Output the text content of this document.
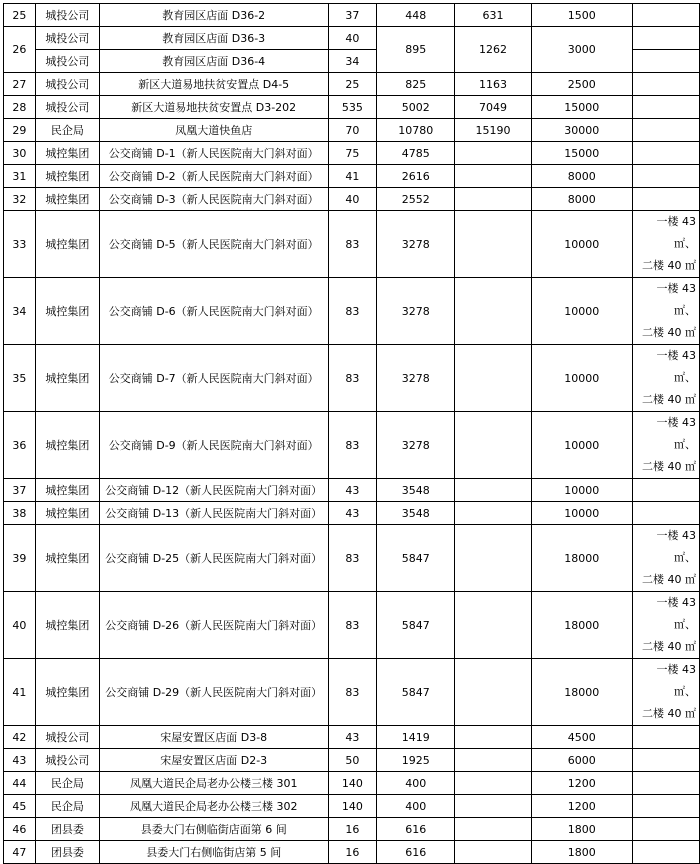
25	城投公司	教育园区店面 D36-2	37	448	631	1500	
26	城投公司	教育园区店面 D36-3	40	895	1262	3000	
	城投公司	教育园区店面 D36-4	34				
27	城投公司	新区大道易地扶贫安置点 D4-5	25	825	1163	2500	
28	城投公司	新区大道易地扶贫安置点 D3-202	535	5002	7049	15000	
29	民企局	凤凰大道快鱼店	70	10780	15190	30000	
30	城控集团	公交商铺 D-1（新人民医院南大门斜对面）	75	4785		15000	
31	城控集团	公交商铺 D-2（新人民医院南大门斜对面）	41	2616		8000	
32	城控集团	公交商铺 D-3（新人民医院南大门斜对面）	40	2552		8000	
33	城控集团	公交商铺 D-5（新人民医院南大门斜对面）	83	3278		10000	一楼 43 ㎡、
二楼 40 ㎡

34	城控集团	公交商铺 D-6（新人民医院南大门斜对面）	83	3278		10000	一楼 43 ㎡、
二楼 40 ㎡

35	城控集团	公交商铺 D-7（新人民医院南大门斜对面）	83	3278		10000	一楼 43 ㎡、
二楼 40 ㎡

36	城控集团	公交商铺 D-9（新人民医院南大门斜对面）	83	3278		10000	一楼 43 ㎡、
二楼 40 ㎡

37	城控集团	公交商铺 D-12（新人民医院南大门斜对面）	43	3548		10000	
38	城控集团	公交商铺 D-13（新人民医院南大门斜对面）	43	3548		10000	
39	城控集团	公交商铺 D-25（新人民医院南大门斜对面）	83	5847		18000	一楼 43 ㎡、
二楼 40 ㎡

40	城控集团	公交商铺 D-26（新人民医院南大门斜对面）	83	5847		18000	一楼 43 ㎡、
二楼 40 ㎡

41	城控集团	公交商铺 D-29（新人民医院南大门斜对面）	83	5847		18000	一楼 43 ㎡、
二楼 40 ㎡

42	城投公司	宋屋安置区店面 D3-8	43	1419		4500	
43	城投公司	宋屋安置区店面 D2-3	50	1925		6000	
44	民企局	凤凰大道民企局老办公楼三楼 301	140	400		1200	
45	民企局	凤凰大道民企局老办公楼三楼 302	140	400		1200	
46	团县委	县委大门右侧临街店面第 6 间	16	616		1800	
47	团县委	县委大门右侧临街店第 5 间	16	616		1800	
